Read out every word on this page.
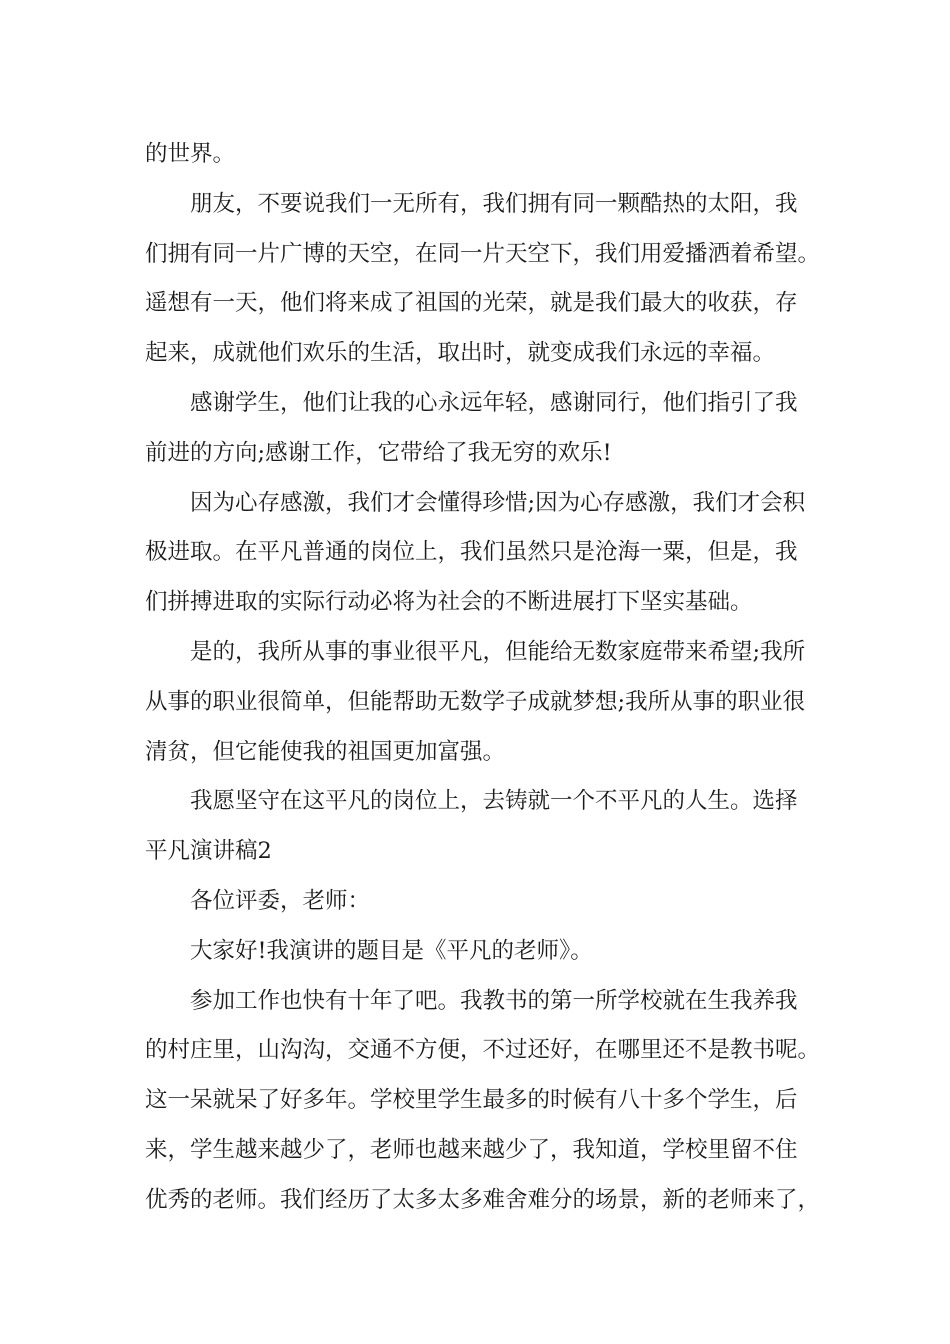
的世界。
朋友，不要说我们一无所有，我们拥有同一颗酷热的太阳，我
们拥有同一片广博的天空，在同一片天空下，我们用爱播洒着希望。
遥想有一天，他们将来成了祖国的光荣，就是我们最大的收获，存
起来，成就他们欢乐的生活，取出时，就变成我们永远的幸福。
感谢学生，他们让我的心永远年轻，感谢同行，他们指引了我
前进的方向;感谢工作，它带给了我无穷的欢乐!
因为心存感激，我们才会懂得珍惜;因为心存感激，我们才会积
极进取。在平凡普通的岗位上，我们虽然只是沧海一粟，但是，我
们拼搏进取的实际行动必将为社会的不断进展打下坚实基础。
是的，我所从事的事业很平凡，但能给无数家庭带来希望;我所
从事的职业很简单，但能帮助无数学子成就梦想;我所从事的职业很
清贫，但它能使我的祖国更加富强。
我愿坚守在这平凡的岗位上，去铸就一个不平凡的人生。选择
平凡演讲稿2
各位评委，老师：
大家好!我演讲的题目是《平凡的老师》。
参加工作也快有十年了吧。我教书的第一所学校就在生我养我
的村庄里，山沟沟，交通不方便，不过还好，在哪里还不是教书呢。
这一呆就呆了好多年。学校里学生最多的时候有八十多个学生，后
来，学生越来越少了，老师也越来越少了，我知道，学校里留不住
优秀的老师。我们经历了太多太多难舍难分的场景，新的老师来了，
